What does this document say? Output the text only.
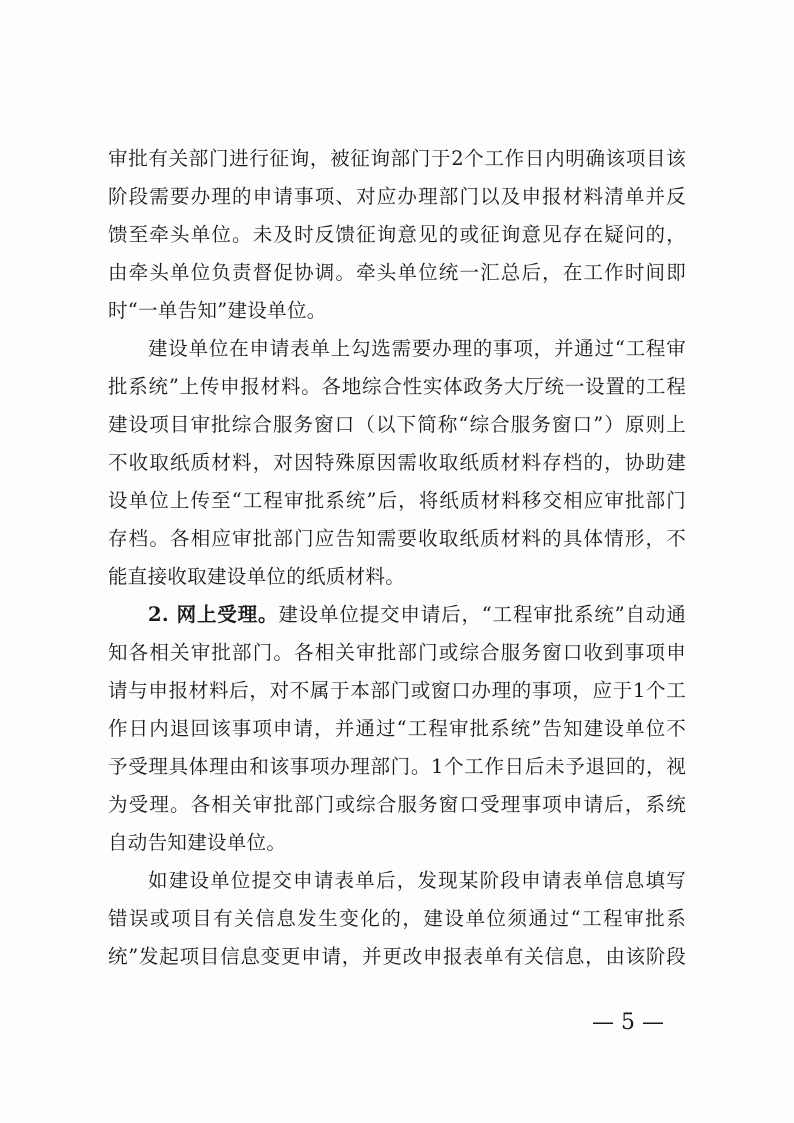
审批有关部门进行征询，被征询部门于2个工作日内明确该项目该
阶段需要办理的申请事项、对应办理部门以及申报材料清单并反
馈至牵头单位。未及时反馈征询意见的或征询意见存在疑问的，
由牵头单位负责督促协调。牵头单位统一汇总后，在工作时间即
时“一单告知”建设单位。
建设单位在申请表单上勾选需要办理的事项，并通过“工程审
批系统”上传申报材料。各地综合性实体政务大厅统一设置的工程
建设项目审批综合服务窗口（以下简称“综合服务窗口”）原则上
不收取纸质材料，对因特殊原因需收取纸质材料存档的，协助建
设单位上传至“工程审批系统”后，将纸质材料移交相应审批部门
存档。各相应审批部门应告知需要收取纸质材料的具体情形，不
能直接收取建设单位的纸质材料。
2. 网上受理。建设单位提交申请后，“工程审批系统”自动通
知各相关审批部门。各相关审批部门或综合服务窗口收到事项申
请与申报材料后，对不属于本部门或窗口办理的事项，应于1个工
作日内退回该事项申请，并通过“工程审批系统”告知建设单位不
予受理具体理由和该事项办理部门。1个工作日后未予退回的，视
为受理。各相关审批部门或综合服务窗口受理事项申请后，系统
自动告知建设单位。
如建设单位提交申请表单后，发现某阶段申请表单信息填写
错误或项目有关信息发生变化的，建设单位须通过“工程审批系
统”发起项目信息变更申请，并更改申报表单有关信息，由该阶段
— 5 —
